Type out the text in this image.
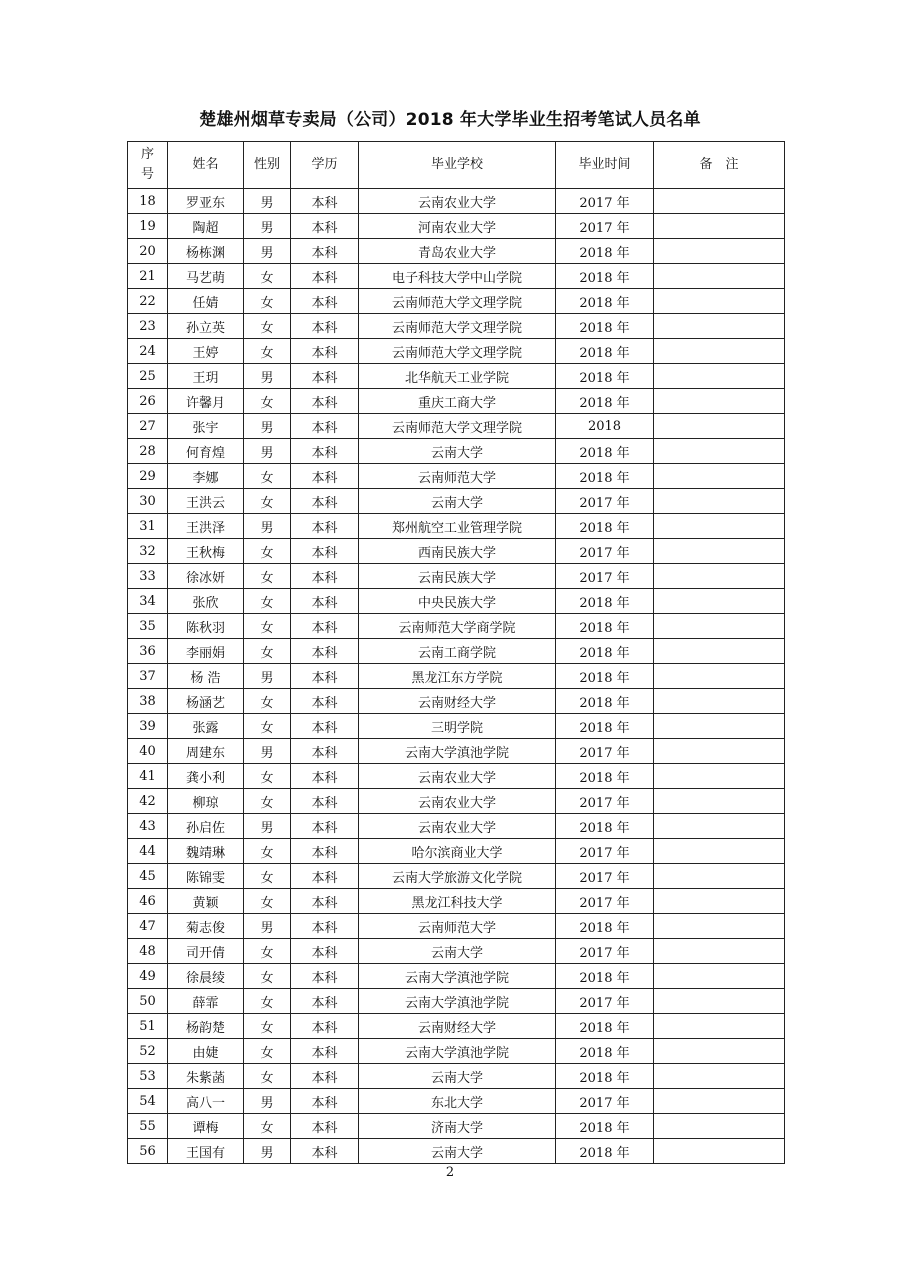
楚雄州烟草专卖局（公司）2018 年大学毕业生招考笔试人员名单
序号	姓名	性别	学历	毕业学校	毕业时间	备　注
18	罗亚东	男	本科	云南农业大学	2017 年	
19	陶超	男	本科	河南农业大学	2017 年	
20	杨栋渊	男	本科	青岛农业大学	2018 年	
21	马艺萌	女	本科	电子科技大学中山学院	2018 年	
22	任婧	女	本科	云南师范大学文理学院	2018 年	
23	孙立英	女	本科	云南师范大学文理学院	2018 年	
24	王婷	女	本科	云南师范大学文理学院	2018 年	
25	王玥	男	本科	北华航天工业学院	2018 年	
26	许馨月	女	本科	重庆工商大学	2018 年	
27	张宇	男	本科	云南师范大学文理学院	2018	
28	何育煌	男	本科	云南大学	2018 年	
29	李娜	女	本科	云南师范大学	2018 年	
30	王洪云	女	本科	云南大学	2017 年	
31	王洪泽	男	本科	郑州航空工业管理学院	2018 年	
32	王秋梅	女	本科	西南民族大学	2017 年	
33	徐冰妍	女	本科	云南民族大学	2017 年	
34	张欣	女	本科	中央民族大学	2018 年	
35	陈秋羽	女	本科	云南师范大学商学院	2018 年	
36	李丽娟	女	本科	云南工商学院	2018 年	
37	杨 浩	男	本科	黑龙江东方学院	2018 年	
38	杨涵艺	女	本科	云南财经大学	2018 年	
39	张露	女	本科	三明学院	2018 年	
40	周建东	男	本科	云南大学滇池学院	2017 年	
41	龚小利	女	本科	云南农业大学	2018 年	
42	柳琼	女	本科	云南农业大学	2017 年	
43	孙启佐	男	本科	云南农业大学	2018 年	
44	魏靖琳	女	本科	哈尔滨商业大学	2017 年	
45	陈锦雯	女	本科	云南大学旅游文化学院	2017 年	
46	黄颖	女	本科	黑龙江科技大学	2017 年	
47	菊志俊	男	本科	云南师范大学	2018 年	
48	司开倩	女	本科	云南大学	2017 年	
49	徐晨绫	女	本科	云南大学滇池学院	2018 年	
50	薛霏	女	本科	云南大学滇池学院	2017 年	
51	杨韵楚	女	本科	云南财经大学	2018 年	
52	由婕	女	本科	云南大学滇池学院	2018 年	
53	朱紫菡	女	本科	云南大学	2018 年	
54	高八一	男	本科	东北大学	2017 年	
55	谭梅	女	本科	济南大学	2018 年	
56	王国有	男	本科	云南大学	2018 年	
2
